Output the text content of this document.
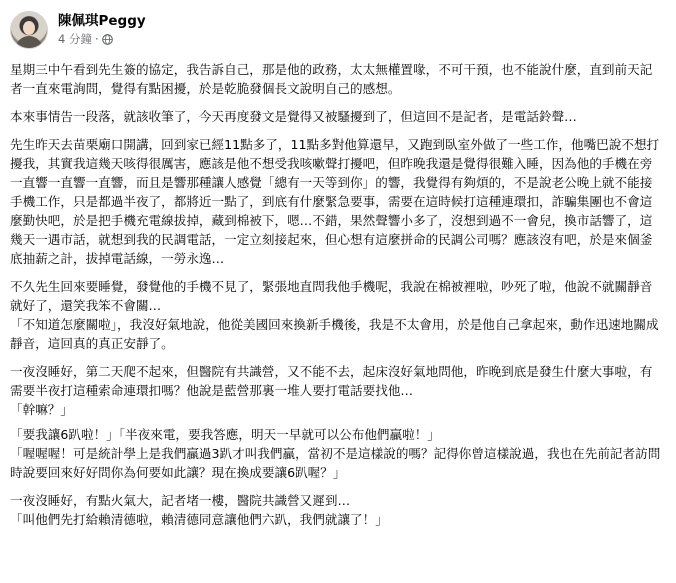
陳佩琪Peggy
4 分鐘 ·

星期三中午看到先生簽的協定，我告訴自己，那是他的政務，太太無權置喙，不可干預，也不能說什麼，直到前天記者一直來電詢問，覺得有點困擾，於是乾脆發個長文說明自己的感想。

本來事情告一段落，就該收筆了，今天再度發文是覺得又被騷擾到了，但這回不是記者，是電話鈴聲…

先生昨天去苗栗廟口開講，回到家已經11點多了，11點多對他算還早，又跑到臥室外做了一些工作，他嘴巴說不想打擾我，其實我這幾天咳得很厲害，應該是他不想受我咳嗽聲打擾吧，但昨晚我還是覺得很難入睡，因為他的手機在旁一直響一直響一直響，而且是響那種讓人感覺「總有一天等到你」的響，我覺得有夠煩的，不是說老公晚上就不能接手機工作，只是都過半夜了，都將近一點了，到底有什麼緊急要事，需要在這時候打這種連環扣，詐騙集團也不會這麼勤快吧，於是把手機充電線拔掉，藏到棉被下，嗯…不錯，果然聲響小多了，沒想到過不一會兒，換市話響了，這幾天一遇市話，就想到我的民調電話，一定立刻接起來，但心想有這麼拼命的民調公司嗎？應該沒有吧，於是來個釜底抽薪之計，拔掉電話線，一勞永逸…

不久先生回來要睡覺，發覺他的手機不見了，緊張地直問我他手機呢，我說在棉被裡啦，吵死了啦，他說不就關靜音就好了，還笑我笨不會關…

「不知道怎麼關啦」，我沒好氣地說，他從美國回來換新手機後，我是不太會用，於是他自己拿起來，動作迅速地關成靜音，這回真的真正安靜了。

一夜沒睡好，第二天爬不起來，但醫院有共識營，又不能不去，起床沒好氣地問他，昨晚到底是發生什麼大事啦，有需要半夜打這種索命連環扣嗎？他說是藍營那裏一堆人要打電話要找他…

「幹嘛？」

「要我讓6趴啦！」「半夜來電，要我答應，明天一早就可以公布他們贏啦！」

「喔喔喔！可是統計學上是我們贏過3趴才叫我們贏，當初不是這樣說的嗎？記得你曾這樣說過，我也在先前記者訪問時說要回來好好問你為何要如此讓？現在換成要讓6趴喔？」

一夜沒睡好，有點火氣大，記者堵一樓，醫院共識營又遲到…

「叫他們先打給賴清德啦，賴清德同意讓他們六趴，我們就讓了！」
